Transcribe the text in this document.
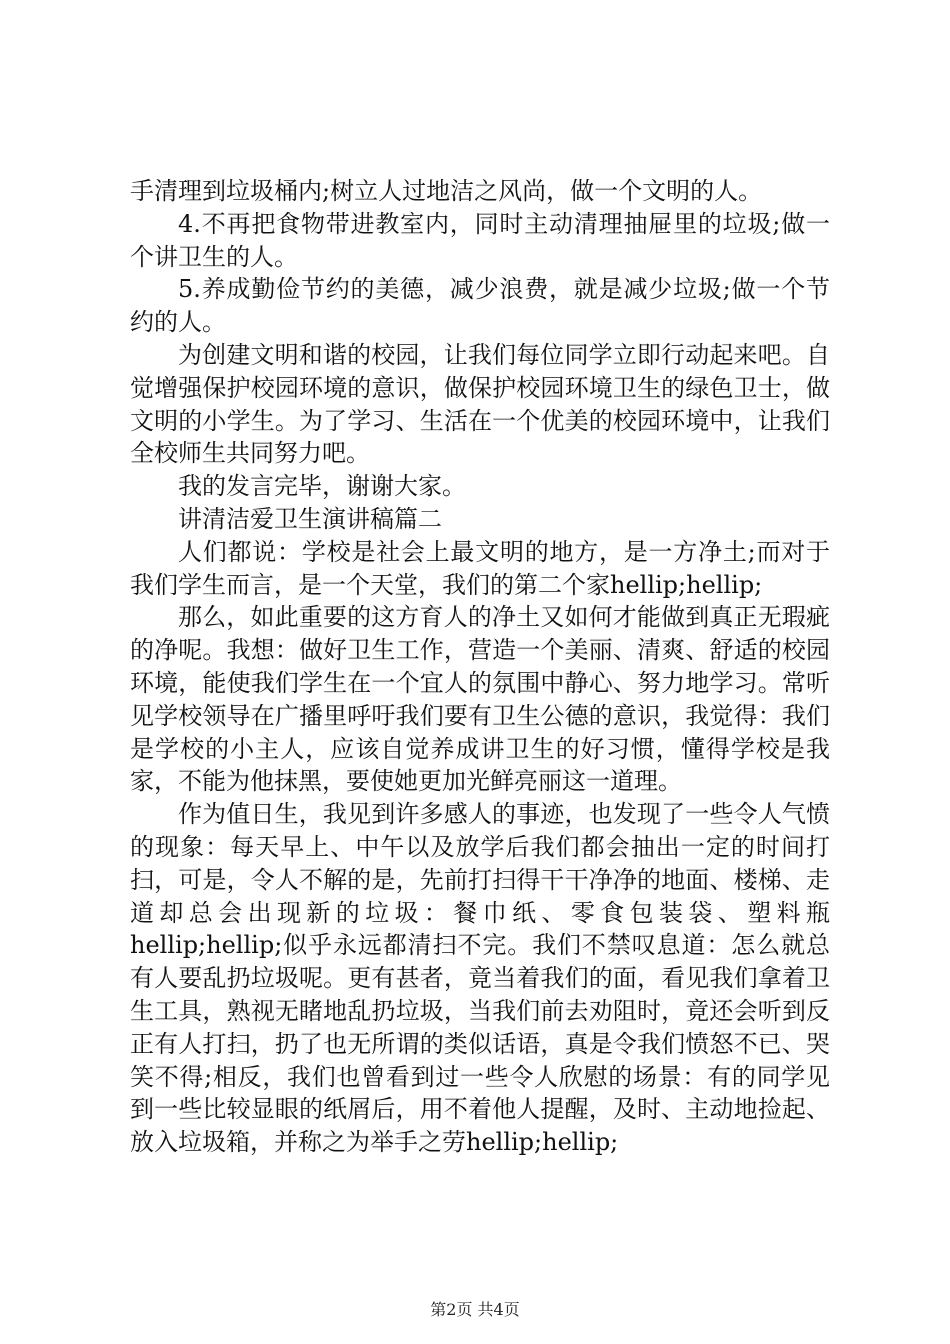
手清理到垃圾桶内;树立人过地洁之风尚，做一个文明的人。

4.不再把食物带进教室内，同时主动清理抽屉里的垃圾;做一个讲卫生的人。

5.养成勤俭节约的美德，减少浪费，就是减少垃圾;做一个节约的人。

为创建文明和谐的校园，让我们每位同学立即行动起来吧。自觉增强保护校园环境的意识，做保护校园环境卫生的绿色卫士，做文明的小学生。为了学习、生活在一个优美的校园环境中，让我们全校师生共同努力吧。

我的发言完毕，谢谢大家。

讲清洁爱卫生演讲稿篇二

人们都说：学校是社会上最文明的地方，是一方净土;而对于我们学生而言，是一个天堂，我们的第二个家hellip;hellip;

那么，如此重要的这方育人的净土又如何才能做到真正无瑕疵的净呢。我想：做好卫生工作，营造一个美丽、清爽、舒适的校园环境，能使我们学生在一个宜人的氛围中静心、努力地学习。常听见学校领导在广播里呼吁我们要有卫生公德的意识，我觉得：我们是学校的小主人，应该自觉养成讲卫生的好习惯，懂得学校是我家，不能为他抹黑，要使她更加光鲜亮丽这一道理。

作为值日生，我见到许多感人的事迹，也发现了一些令人气愤的现象：每天早上、中午以及放学后我们都会抽出一定的时间打扫，可是，令人不解的是，先前打扫得干干净净的地面、楼梯、走道却总会出现新的垃圾：餐巾纸、零食包装袋、塑料瓶hellip;hellip;似乎永远都清扫不完。我们不禁叹息道：怎么就总有人要乱扔垃圾呢。更有甚者，竟当着我们的面，看见我们拿着卫生工具，熟视无睹地乱扔垃圾，当我们前去劝阻时，竟还会听到反正有人打扫，扔了也无所谓的类似话语，真是令我们愤怒不已、哭笑不得;相反，我们也曾看到过一些令人欣慰的场景：有的同学见到一些比较显眼的纸屑后，用不着他人提醒，及时、主动地捡起、放入垃圾箱，并称之为举手之劳hellip;hellip;

第2页 共4页
